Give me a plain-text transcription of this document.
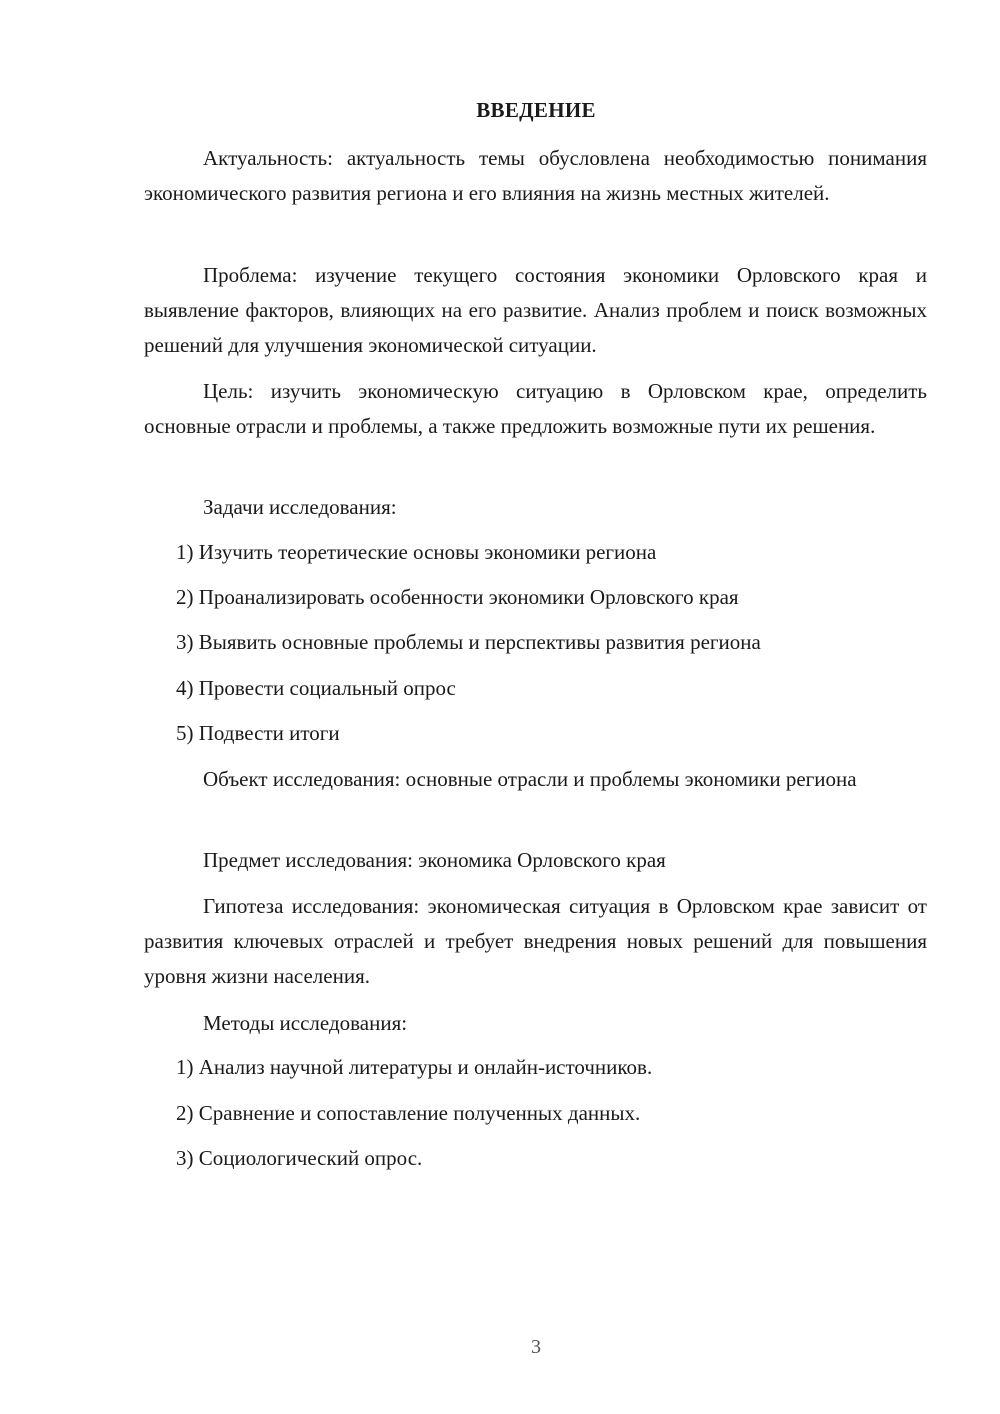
ВВЕДЕНИЕ

Актуальность: актуальность темы обусловлена необходимостью понимания экономического развития региона и его влияния на жизнь местных жителей.

Проблема: изучение текущего состояния экономики Орловского края и выявление факторов, влияющих на его развитие. Анализ проблем и поиск возможных решений для улучшения экономической ситуации.

Цель: изучить экономическую ситуацию в Орловском крае, определить основные отрасли и проблемы, а также предложить возможные пути их решения.

Задачи исследования:

1) Изучить теоретические основы экономики региона

2) Проанализировать особенности экономики Орловского края

3) Выявить основные проблемы и перспективы развития региона

4) Провести социальный опрос

5) Подвести итоги

Объект исследования: основные отрасли и проблемы экономики региона

Предмет исследования: экономика Орловского края

Гипотеза исследования: экономическая ситуация в Орловском крае зависит от развития ключевых отраслей и требует внедрения новых решений для повышения уровня жизни населения.

Методы исследования:

1) Анализ научной литературы и онлайн-источников.

2) Сравнение и сопоставление полученных данных.

3) Социологический опрос.

3
